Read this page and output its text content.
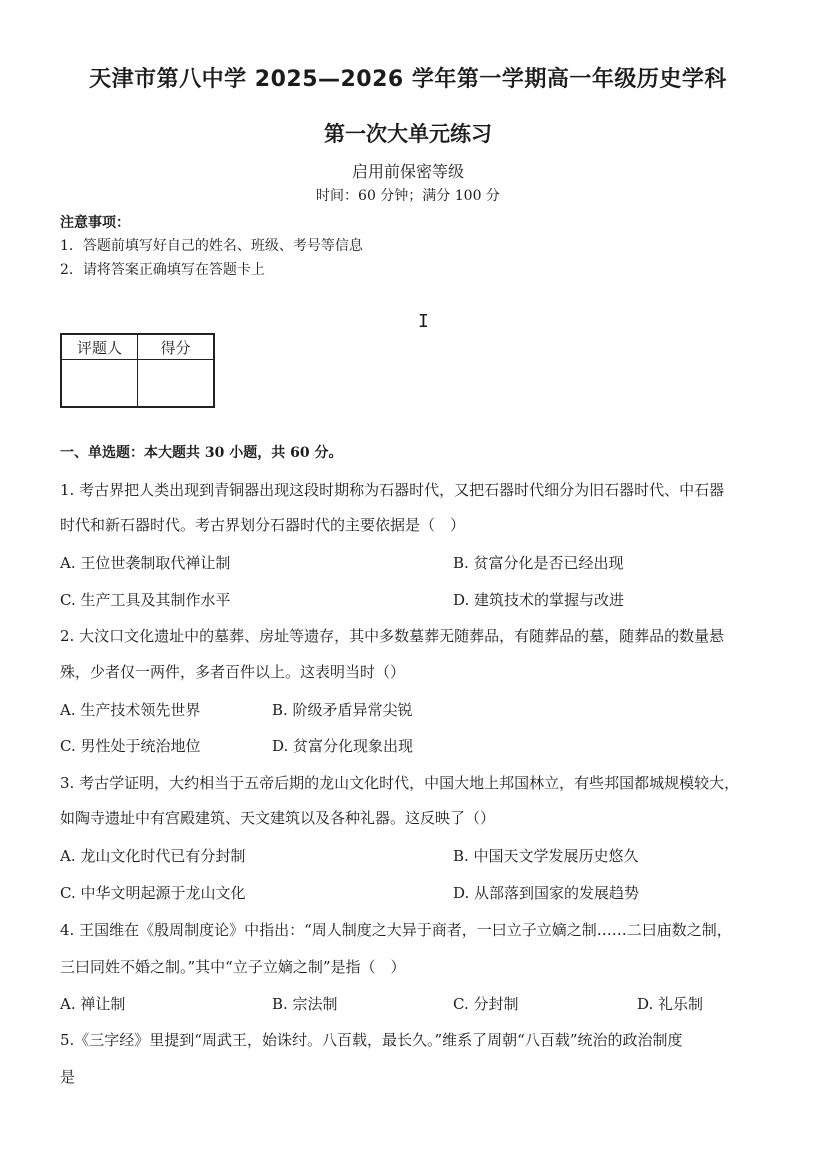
天津市第八中学 2025—2026 学年第一学期高一年级历史学科
第一次大单元练习
启用前保密等级
时间：60 分钟；满分 100 分
注意事项：
1．答题前填写好自己的姓名、班级、考号等信息
2．请将答案正确填写在答题卡上
I
评题人	得分

一、单选题：本大题共 30 小题，共 60 分。
1. 考古界把人类出现到青铜器出现这段时期称为石器时代，又把石器时代细分为旧石器时代、中石器
时代和新石器时代。考古界划分石器时代的主要依据是（　）
A. 王位世袭制取代禅让制	B. 贫富分化是否已经出现
C. 生产工具及其制作水平	D. 建筑技术的掌握与改进
2. 大汶口文化遗址中的墓葬、房址等遗存，其中多数墓葬无随葬品，有随葬品的墓，随葬品的数量悬
殊，少者仅一两件，多者百件以上。这表明当时（）
A. 生产技术领先世界	B. 阶级矛盾异常尖锐
C. 男性处于统治地位	D. 贫富分化现象出现
3. 考古学证明，大约相当于五帝后期的龙山文化时代，中国大地上邦国林立，有些邦国都城规模较大，
如陶寺遗址中有宫殿建筑、天文建筑以及各种礼器。这反映了（）
A. 龙山文化时代已有分封制	B. 中国天文学发展历史悠久
C. 中华文明起源于龙山文化	D. 从部落到国家的发展趋势
4. 王国维在《殷周制度论》中指出：“周人制度之大异于商者，一曰立子立嫡之制……二曰庙数之制，
三曰同姓不婚之制。”其中“立子立嫡之制”是指（　）
A. 禅让制	B. 宗法制	C. 分封制	D. 礼乐制
5.《三字经》里提到“周武王，始诛纣。八百载，最长久。”维系了周朝“八百载”统治的政治制度
是
